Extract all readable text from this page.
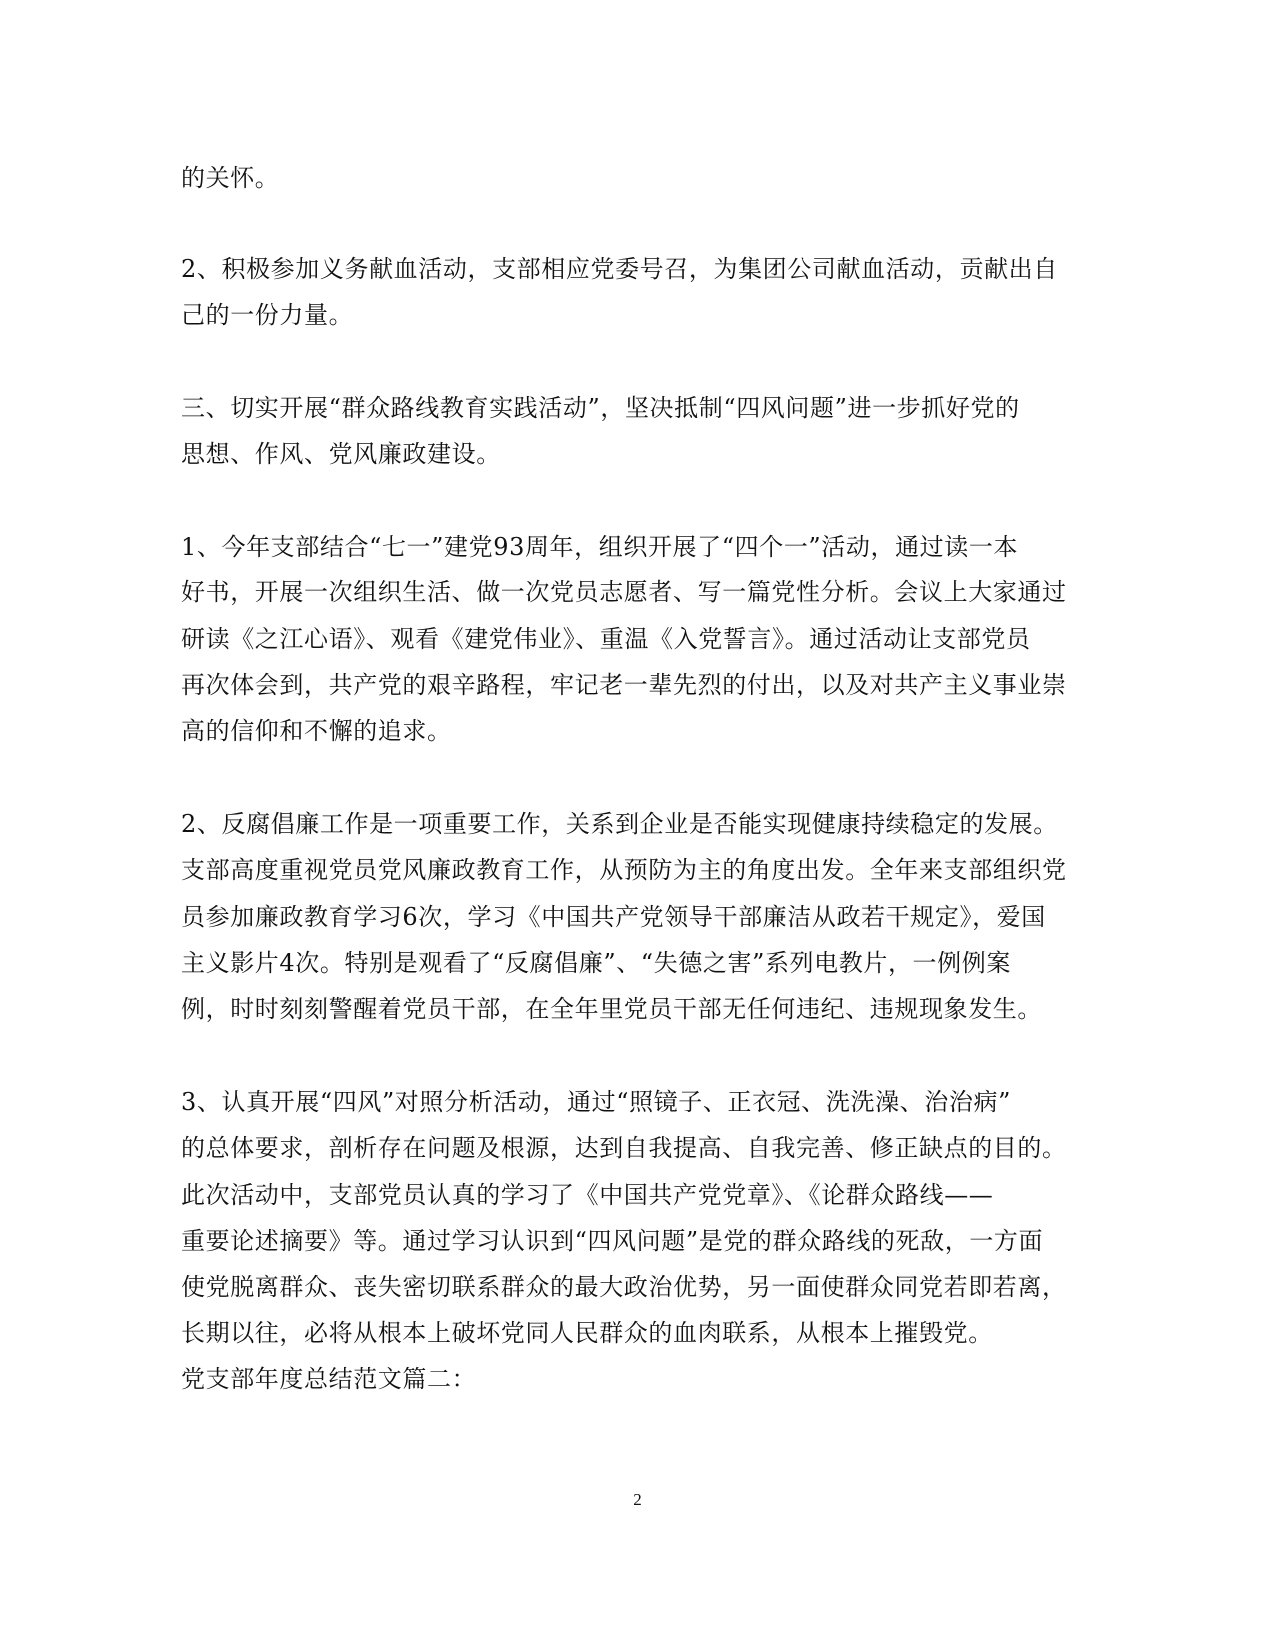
的关怀。
2、积极参加义务献血活动，支部相应党委号召，为集团公司献血活动，贡献出自
己的一份力量。
三、切实开展“群众路线教育实践活动”，坚决抵制“四风问题”进一步抓好党的
思想、作风、党风廉政建设。
1、今年支部结合“七一”建党93周年，组织开展了“四个一”活动，通过读一本
好书，开展一次组织生活、做一次党员志愿者、写一篇党性分析。会议上大家通过
研读《之江心语》、观看《建党伟业》、重温《入党誓言》。通过活动让支部党员
再次体会到，共产党的艰辛路程，牢记老一辈先烈的付出，以及对共产主义事业崇
高的信仰和不懈的追求。
2、反腐倡廉工作是一项重要工作，关系到企业是否能实现健康持续稳定的发展。
支部高度重视党员党风廉政教育工作，从预防为主的角度出发。全年来支部组织党
员参加廉政教育学习6次，学习《中国共产党领导干部廉洁从政若干规定》，爱国
主义影片4次。特别是观看了“反腐倡廉”、“失德之害”系列电教片，一例例案
例，时时刻刻警醒着党员干部，在全年里党员干部无任何违纪、违规现象发生。
3、认真开展“四风”对照分析活动，通过“照镜子、正衣冠、洗洗澡、治治病”
的总体要求，剖析存在问题及根源，达到自我提高、自我完善、修正缺点的目的。
此次活动中，支部党员认真的学习了《中国共产党党章》、《论群众路线——
重要论述摘要》等。通过学习认识到“四风问题”是党的群众路线的死敌，一方面
使党脱离群众、丧失密切联系群众的最大政治优势，另一面使群众同党若即若离，
长期以往，必将从根本上破坏党同人民群众的血肉联系，从根本上摧毁党。
党支部年度总结范文篇二：
2
